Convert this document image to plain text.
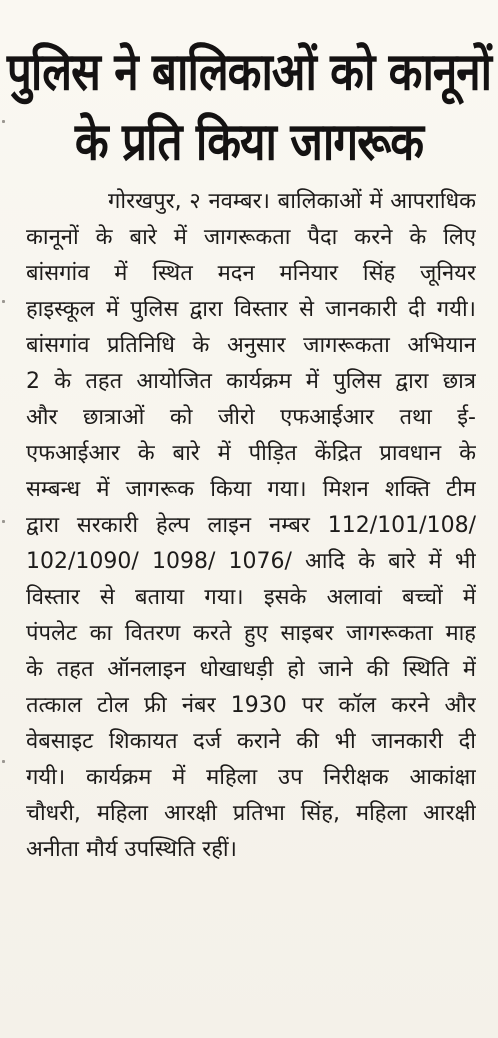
पुलिस ने बालिकाओं को कानूनों
के प्रति किया जागरूक
गोरखपुर, २ नवम्बर। बालिकाओं में आपराधिक
कानूनों के बारे में जागरूकता पैदा करने के लिए
बांसगांव में स्थित मदन मनियार सिंह जूनियर
हाइस्कूल में पुलिस द्वारा विस्तार से जानकारी दी गयी।
बांसगांव प्रतिनिधि के अनुसार जागरूकता अभियान
2 के तहत आयोजित कार्यक्रम में पुलिस द्वारा छात्र
और छात्राओं को जीरो एफआईआर तथा ई-
एफआईआर के बारे में पीड़ित केंद्रित प्रावधान के
सम्बन्ध में जागरूक किया गया। मिशन शक्ति टीम
द्वारा सरकारी हेल्प लाइन नम्बर 112/101/108/
102/1090/ 1098/ 1076/ आदि के बारे में भी
विस्तार से बताया गया। इसके अलावां बच्चों में
पंपलेट का वितरण करते हुए साइबर जागरूकता माह
के तहत ऑनलाइन धोखाधड़ी हो जाने की स्थिति में
तत्काल टोल फ्री नंबर 1930 पर कॉल करने और
वेबसाइट शिकायत दर्ज कराने की भी जानकारी दी
गयी। कार्यक्रम में महिला उप निरीक्षक आकांक्षा
चौधरी, महिला आरक्षी प्रतिभा सिंह, महिला आरक्षी
अनीता मौर्य उपस्थिति रहीं।
